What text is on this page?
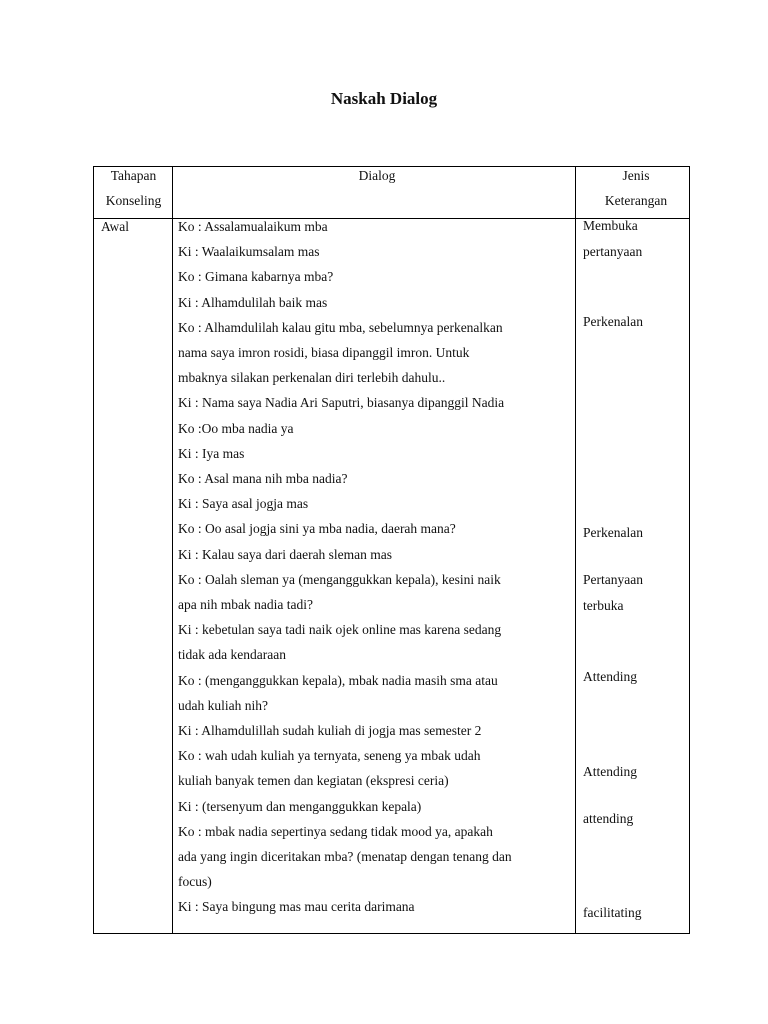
Naskah Dialog
Tahapan
Konseling
Dialog	Jenis
Keterangan
Awal	Ko : Assalamualaikum mba
Ki : Waalaikumsalam mas
Ko : Gimana kabarnya mba?
Ki : Alhamdulilah baik mas
Ko : Alhamdulilah kalau gitu mba, sebelumnya perkenalkan
nama saya imron rosidi, biasa dipanggil imron. Untuk
mbaknya silakan perkenalan diri terlebih dahulu..
Ki : Nama saya Nadia Ari Saputri, biasanya dipanggil Nadia
Ko :Oo mba nadia ya
Ki : Iya mas
Ko : Asal mana nih mba nadia?
Ki : Saya asal jogja mas
Ko : Oo asal jogja sini ya mba nadia, daerah mana?
Ki : Kalau saya dari daerah sleman mas
Ko : Oalah sleman ya (menganggukkan kepala), kesini naik
apa nih mbak nadia tadi?
Ki : kebetulan saya tadi naik ojek online mas karena sedang
tidak ada kendaraan
Ko : (menganggukkan kepala), mbak nadia masih sma atau
udah kuliah nih?
Ki : Alhamdulillah sudah kuliah di jogja mas semester 2
Ko : wah udah kuliah ya ternyata, seneng ya mbak udah
kuliah banyak temen dan kegiatan (ekspresi ceria)
Ki : (tersenyum dan menganggukkan kepala)
Ko : mbak nadia sepertinya sedang tidak mood ya, apakah
ada yang ingin diceritakan mba? (menatap dengan tenang dan
focus)
Ki : Saya bingung mas mau cerita darimana
Membuka
pertanyaan
Perkenalan
Perkenalan
Pertanyaan
terbuka
Attending
Attending
attending
facilitating
